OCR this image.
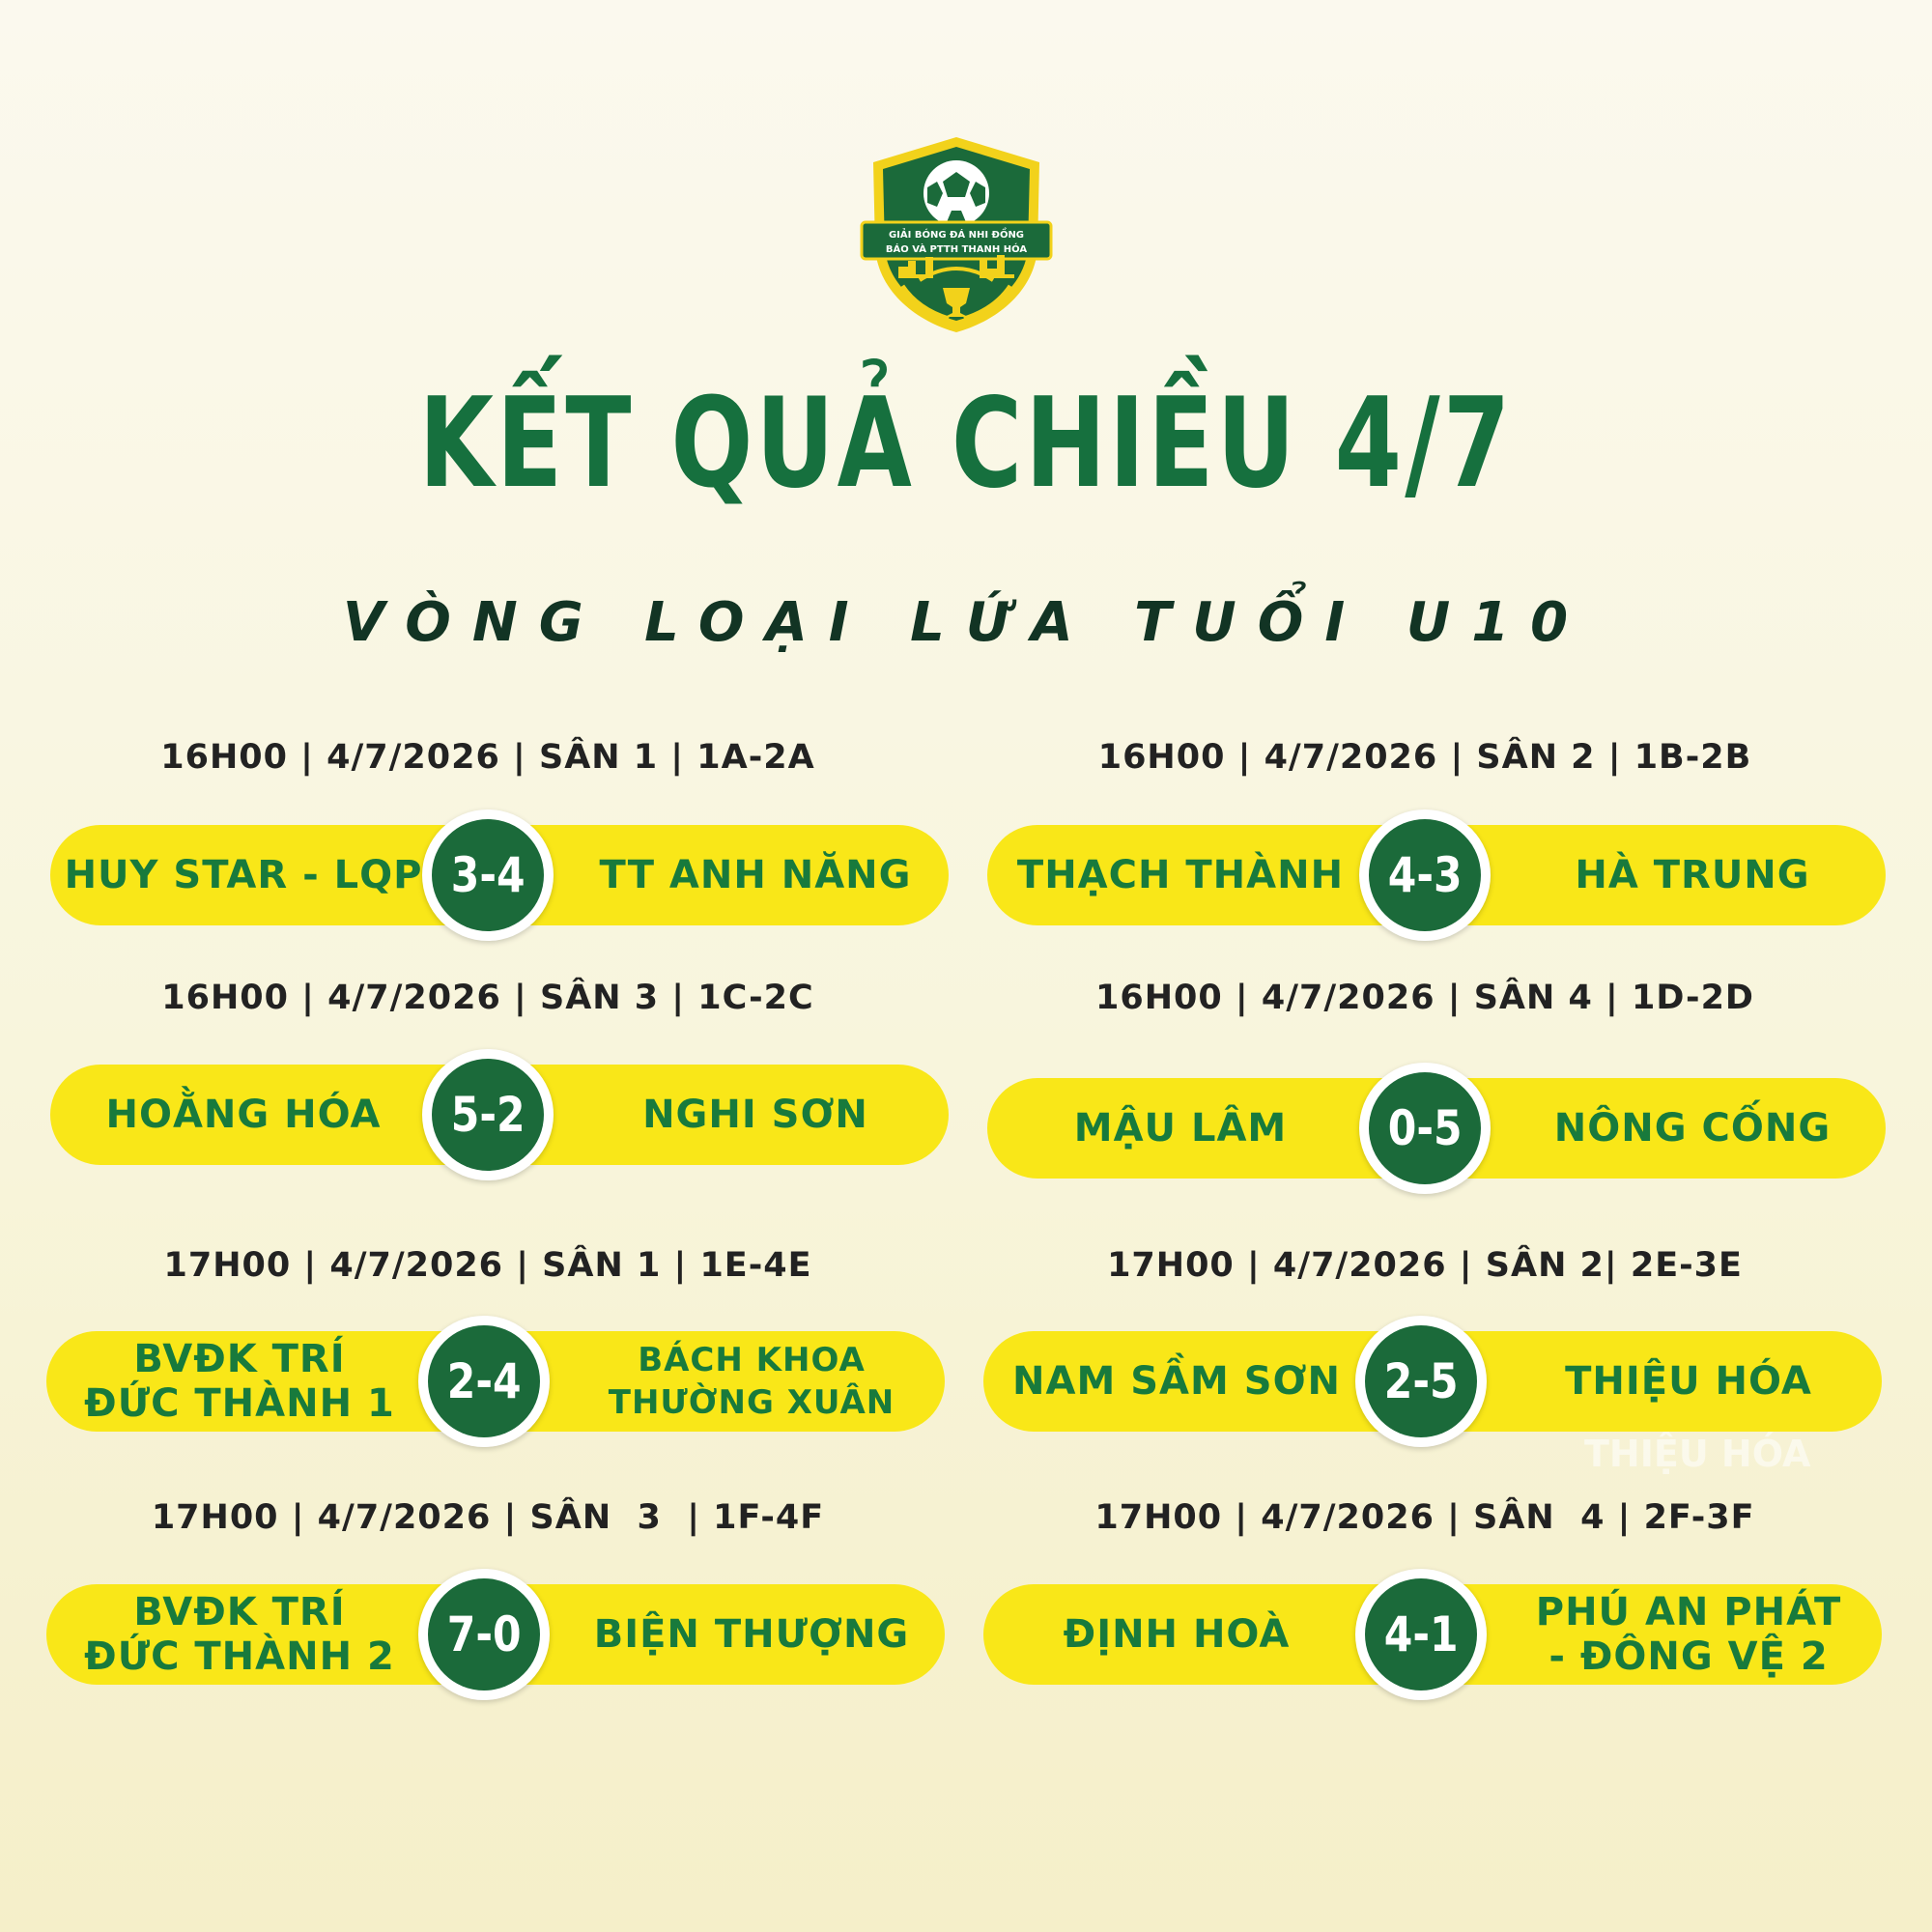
GIẢI BÓNG ĐÁ NHI ĐỒNG
BÁO VÀ PTTH THANH HÓA
KẾT QUẢ CHIỀU 4/7
VÒNG LOẠI LỨA TUỔI U10
16H00 | 4/7/2026 | SÂN 1 | 1A-2A
HUY STAR - LQP 3-4	TT ANH NĂNG
16H00 | 4/7/2026 | SÂN 2 | 1B-2B
THẠCH THÀNH 4-3	HÀ TRUNG
16H00 | 4/7/2026 | SÂN 3 | 1C-2C
HOẰNG HÓA	5-2	NGHI SƠN
16H00 | 4/7/2026 | SÂN 4 | 1D-2D
MẬU LÂM	0-5	NÔNG CỐNG
17H00 | 4/7/2026 | SÂN 1 | 1E-4E
BVĐK TRÍ
ĐỨC THÀNH 1	2-4	BÁCH KHOA
THƯỜNG XUÂN
17H00 | 4/7/2026 | SÂN 2| 2E-3E
NAM SẦM SƠN 2-5	THIỆU HÓA
THIỆU HÓA
17H00 | 4/7/2026 | SÂN  3  | 1F-4F
BVĐK TRÍ
ĐỨC THÀNH 2	7-0	BIỆN THƯỢNG
17H00 | 4/7/2026 | SÂN  4 | 2F-3F
ĐỊNH HOÀ	4-1	PHÚ AN PHÁT
- ĐÔNG VỆ 2
